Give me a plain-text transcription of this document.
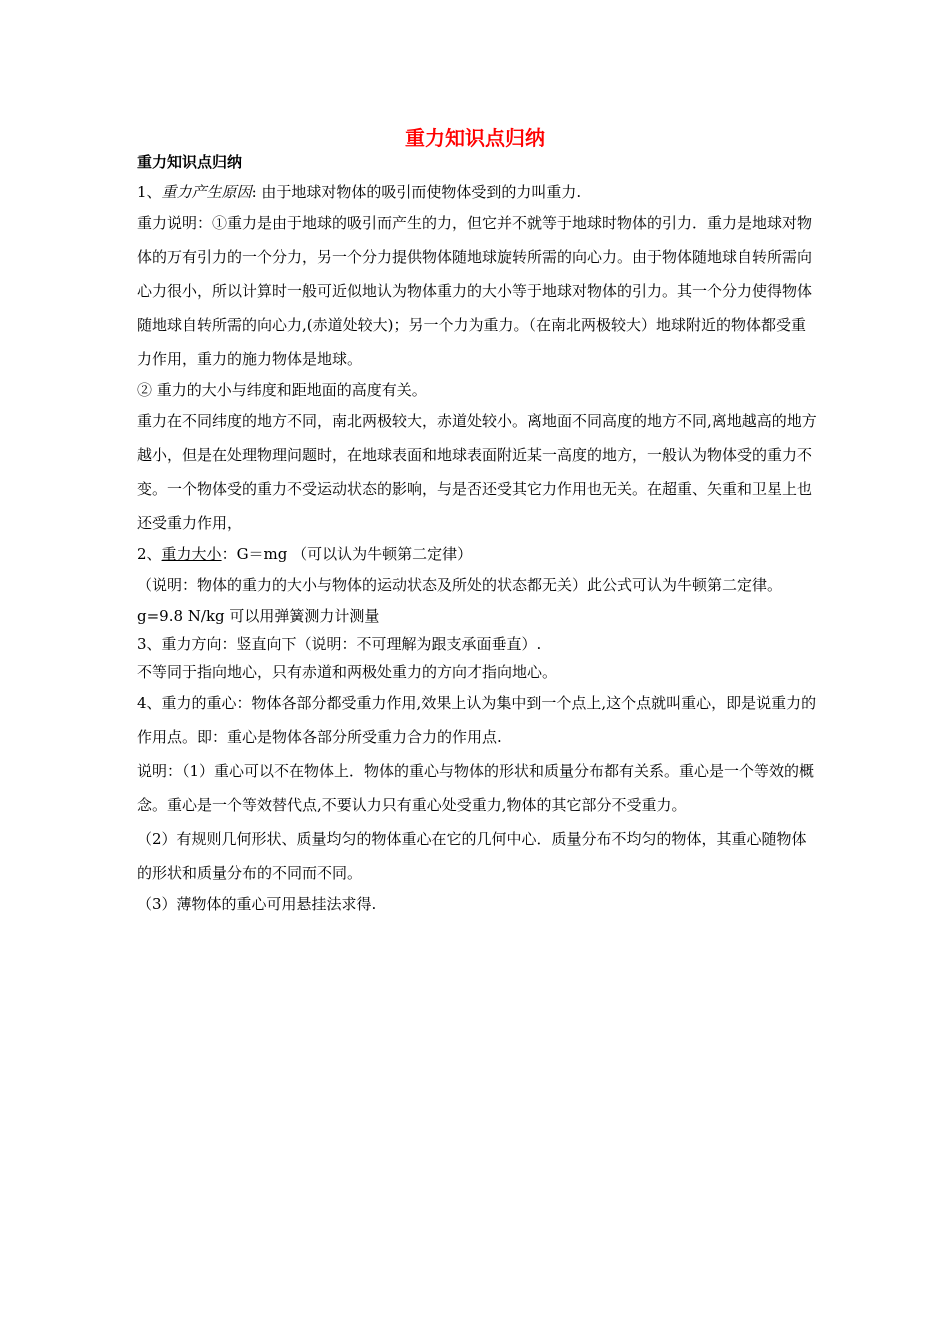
重力知识点归纳

重力知识点归纳

1、重力产生原因: 由于地球对物体的吸引而使物体受到的力叫重力.

重力说明：①重力是由于地球的吸引而产生的力，但它并不就等于地球时物体的引力．重力是地球对物体的万有引力的一个分力，另一个分力提供物体随地球旋转所需的向心力。由于物体随地球自转所需向心力很小，所以计算时一般可近似地认为物体重力的大小等于地球对物体的引力。其一个分力使得物体随地球自转所需的向心力,(赤道处较大)；另一个力为重力。（在南北两极较大）地球附近的物体都受重力作用，重力的施力物体是地球。

② 重力的大小与纬度和距地面的高度有关。

重力在不同纬度的地方不同，南北两极较大，赤道处较小。离地面不同高度的地方不同,离地越高的地方越小，但是在处理物理问题时，在地球表面和地球表面附近某一高度的地方，一般认为物体受的重力不变。一个物体受的重力不受运动状态的影响，与是否还受其它力作用也无关。在超重、矢重和卫星上也还受重力作用，

2、重力大小：G＝mg （可以认为牛顿第二定律）

（说明：物体的重力的大小与物体的运动状态及所处的状态都无关）此公式可认为牛顿第二定律。

g=9.8 N/kg 可以用弹簧测力计测量

3、重力方向：竖直向下（说明：不可理解为跟支承面垂直）.

不等同于指向地心，只有赤道和两极处重力的方向才指向地心。

4、重力的重心：物体各部分都受重力作用,效果上认为集中到一个点上,这个点就叫重心，即是说重力的作用点。即：重心是物体各部分所受重力合力的作用点.

说明：（1）重心可以不在物体上．物体的重心与物体的形状和质量分布都有关系。重心是一个等效的概念。重心是一个等效替代点,不要认力只有重心处受重力,物体的其它部分不受重力。

（2）有规则几何形状、质量均匀的物体重心在它的几何中心．质量分布不均匀的物体，其重心随物体的形状和质量分布的不同而不同。

（3）薄物体的重心可用悬挂法求得.
